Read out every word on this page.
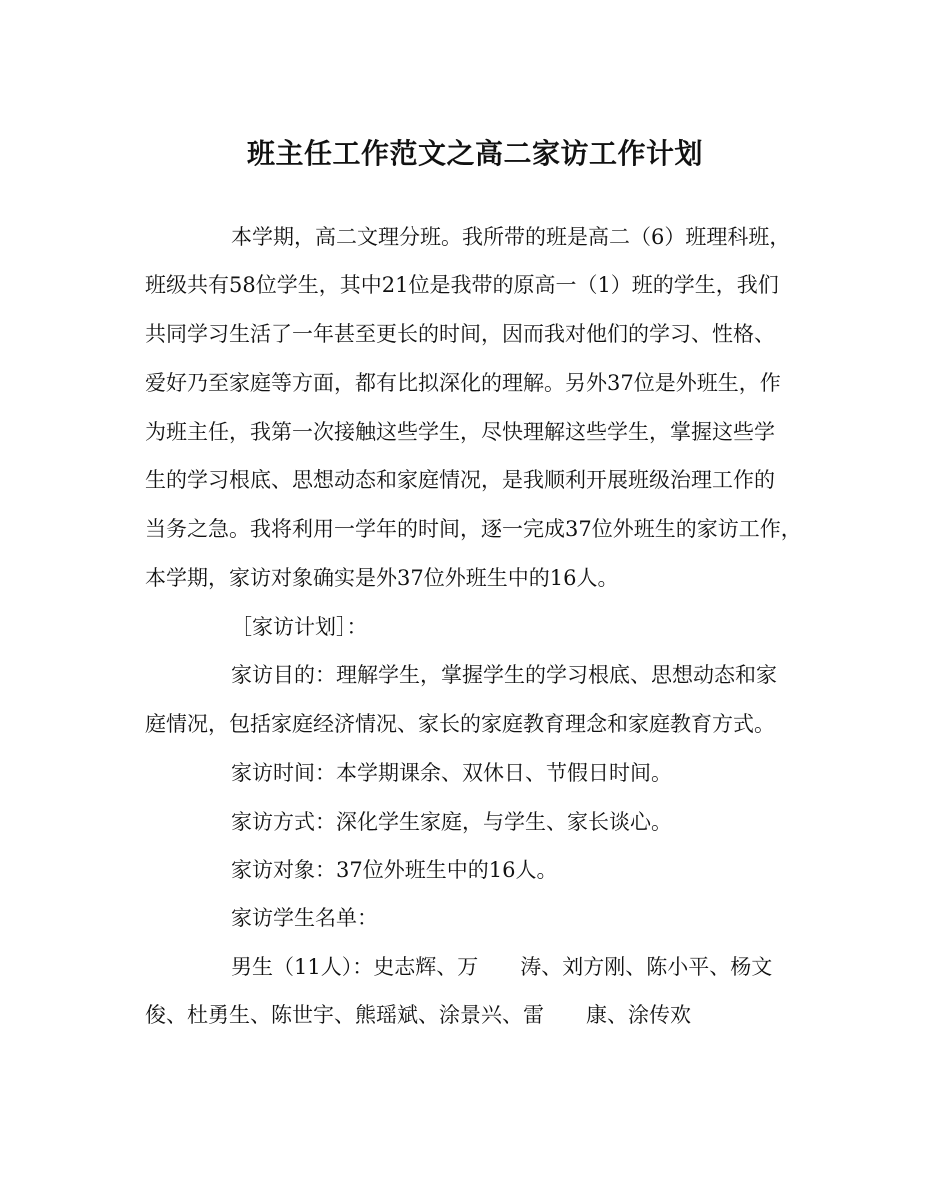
班主任工作范文之高二家访工作计划

本学期，高二文理分班。我所带的班是高二（6）班理科班，

班级共有58位学生，其中21位是我带的原高一（1）班的学生，我们

共同学习生活了一年甚至更长的时间，因而我对他们的学习、性格、

爱好乃至家庭等方面，都有比拟深化的理解。另外37位是外班生，作

为班主任，我第一次接触这些学生，尽快理解这些学生，掌握这些学

生的学习根底、思想动态和家庭情况，是我顺利开展班级治理工作的

当务之急。我将利用一学年的时间，逐一完成37位外班生的家访工作，

本学期，家访对象确实是外37位外班生中的16人。

［家访计划］：

家访目的：理解学生，掌握学生的学习根底、思想动态和家

庭情况，包括家庭经济情况、家长的家庭教育理念和家庭教育方式。

家访时间：本学期课余、双休日、节假日时间。

家访方式：深化学生家庭，与学生、家长谈心。

家访对象：37位外班生中的16人。

家访学生名单：

男生（11人）：史志辉、万　　涛、刘方刚、陈小平、杨文

俊、杜勇生、陈世宇、熊瑶斌、涂景兴、雷　　康、涂传欢
